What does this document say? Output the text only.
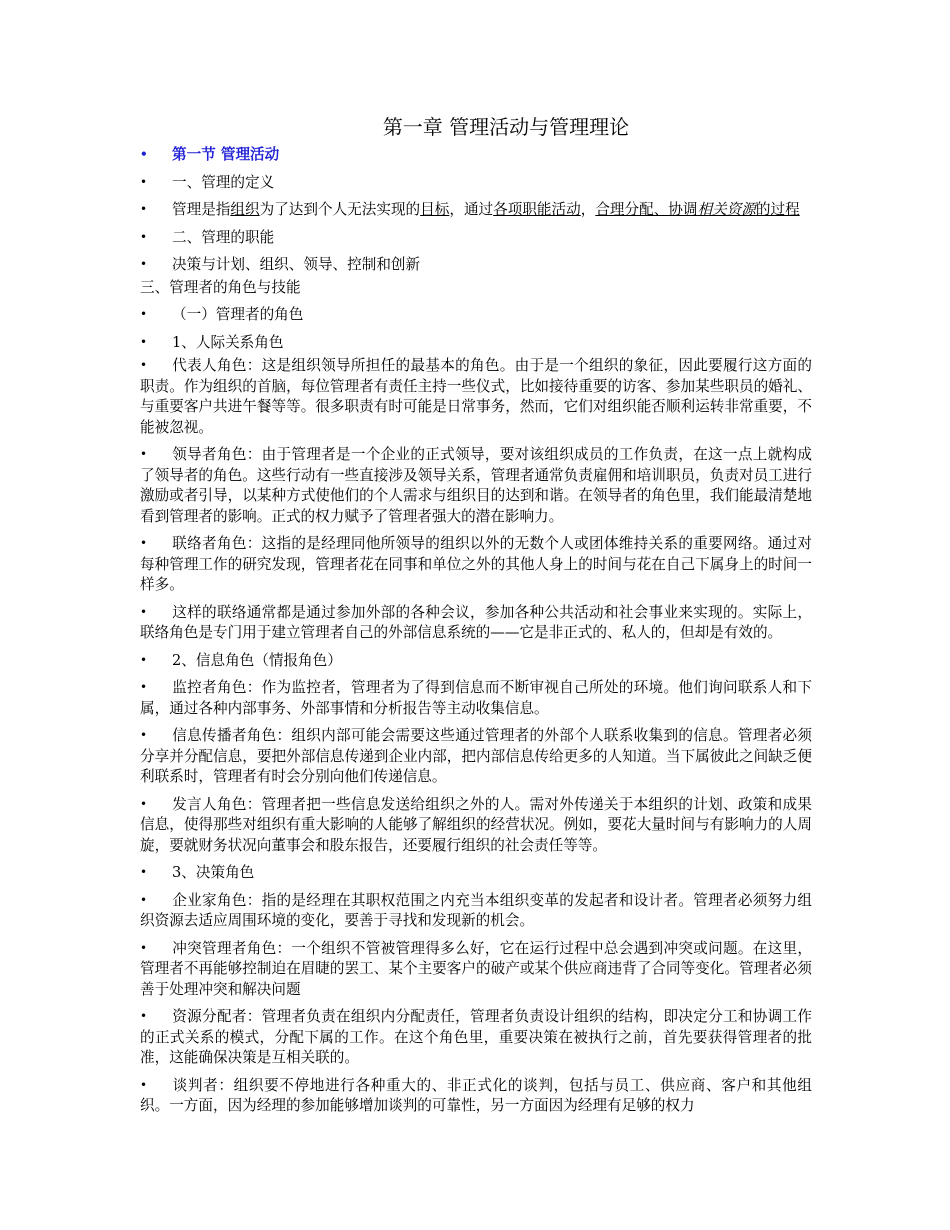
第一章 管理活动与管理理论

• 第一节 管理活动

• 一、管理的定义

• 管理是指组织为了达到个人无法实现的目标，通过各项职能活动，合理分配、协调相关资源的过程

• 二、管理的职能

• 决策与计划、组织、领导、控制和创新

三、管理者的角色与技能

• （一）管理者的角色

• 1、人际关系角色

• 代表人角色：这是组织领导所担任的最基本的角色。由于是一个组织的象征，因此要履行这方面的职责。作为组织的首脑，每位管理者有责任主持一些仪式，比如接待重要的访客、参加某些职员的婚礼、与重要客户共进午餐等等。很多职责有时可能是日常事务，然而，它们对组织能否顺利运转非常重要，不能被忽视。

• 领导者角色：由于管理者是一个企业的正式领导，要对该组织成员的工作负责，在这一点上就构成了领导者的角色。这些行动有一些直接涉及领导关系，管理者通常负责雇佣和培训职员，负责对员工进行激励或者引导，以某种方式使他们的个人需求与组织目的达到和谐。在领导者的角色里，我们能最清楚地看到管理者的影响。正式的权力赋予了管理者强大的潜在影响力。

• 联络者角色：这指的是经理同他所领导的组织以外的无数个人或团体维持关系的重要网络。通过对每种管理工作的研究发现，管理者花在同事和单位之外的其他人身上的时间与花在自己下属身上的时间一样多。

• 这样的联络通常都是通过参加外部的各种会议，参加各种公共活动和社会事业来实现的。实际上，联络角色是专门用于建立管理者自己的外部信息系统的——它是非正式的、私人的，但却是有效的。

• 2、信息角色（情报角色）

• 监控者角色：作为监控者，管理者为了得到信息而不断审视自己所处的环境。他们询问联系人和下属，通过各种内部事务、外部事情和分析报告等主动收集信息。

• 信息传播者角色：组织内部可能会需要这些通过管理者的外部个人联系收集到的信息。管理者必须分享并分配信息，要把外部信息传递到企业内部，把内部信息传给更多的人知道。当下属彼此之间缺乏便利联系时，管理者有时会分别向他们传递信息。

• 发言人角色：管理者把一些信息发送给组织之外的人。需对外传递关于本组织的计划、政策和成果信息，使得那些对组织有重大影响的人能够了解组织的经营状况。例如，要花大量时间与有影响力的人周旋，要就财务状况向董事会和股东报告，还要履行组织的社会责任等等。

• 3、决策角色

• 企业家角色：指的是经理在其职权范围之内充当本组织变革的发起者和设计者。管理者必须努力组织资源去适应周围环境的变化，要善于寻找和发现新的机会。

• 冲突管理者角色：一个组织不管被管理得多么好，它在运行过程中总会遇到冲突或问题。在这里，管理者不再能够控制迫在眉睫的罢工、某个主要客户的破产或某个供应商违背了合同等变化。管理者必须善于处理冲突和解决问题

• 资源分配者：管理者负责在组织内分配责任，管理者负责设计组织的结构，即决定分工和协调工作的正式关系的模式，分配下属的工作。在这个角色里，重要决策在被执行之前，首先要获得管理者的批准，这能确保决策是互相关联的。

• 谈判者：组织要不停地进行各种重大的、非正式化的谈判，包括与员工、供应商、客户和其他组织。一方面，因为经理的参加能够增加谈判的可靠性，另一方面因为经理有足够的权力
